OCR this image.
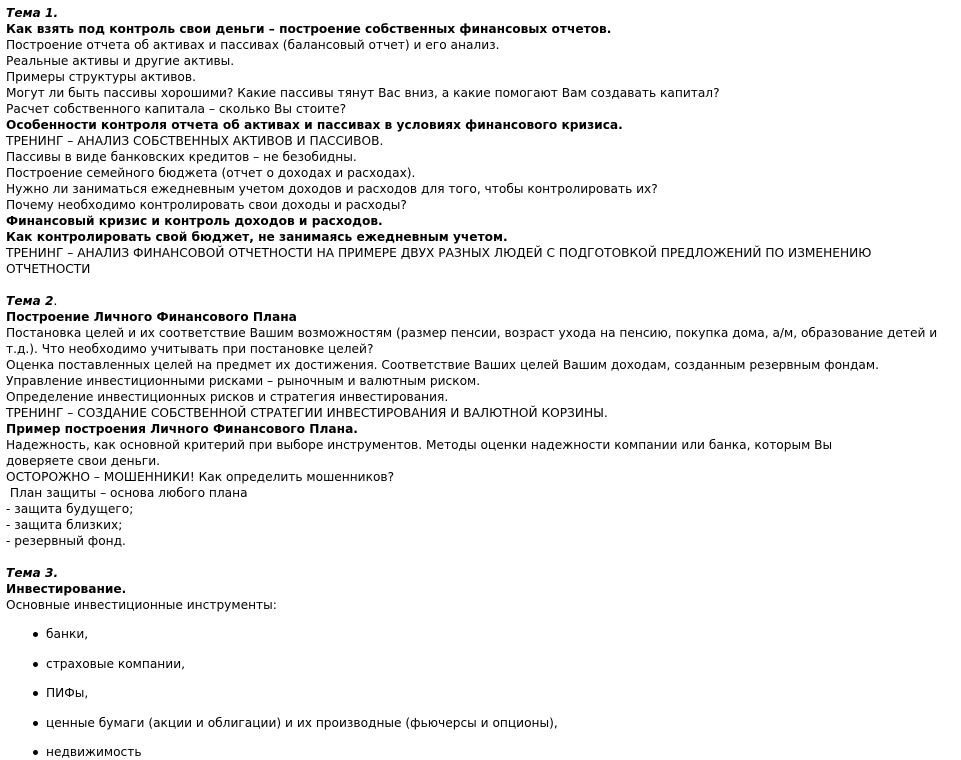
Тема 1.
Как взять под контроль свои деньги – построение собственных финансовых отчетов.
Построение отчета об активах и пассивах (балансовый отчет) и его анализ.
Реальные активы и другие активы.
Примеры структуры активов.
Могут ли быть пассивы хорошими? Какие пассивы тянут Вас вниз, а какие помогают Вам создавать капитал?
Расчет собственного капитала – сколько Вы стоите?
Особенности контроля отчета об активах и пассивах в условиях финансового кризиса.
ТРЕНИНГ – АНАЛИЗ СОБСТВЕННЫХ АКТИВОВ И ПАССИВОВ.
Пассивы в виде банковских кредитов – не безобидны.
Построение семейного бюджета (отчет о доходах и расходах).
Нужно ли заниматься ежедневным учетом доходов и расходов для того, чтобы контролировать их?
Почему необходимо контролировать свои доходы и расходы?
Финансовый кризис и контроль доходов и расходов.
Как контролировать свой бюджет, не занимаясь ежедневным учетом.
ТРЕНИНГ – АНАЛИЗ ФИНАНСОВОЙ ОТЧЕТНОСТИ НА ПРИМЕРЕ ДВУХ РАЗНЫХ ЛЮДЕЙ С ПОДГОТОВКОЙ ПРЕДЛОЖЕНИЙ ПО ИЗМЕНЕНИЮ ОТЧЕТНОСТИ
Тема 2.
Построение Личного Финансового Плана
Постановка целей и их соответствие Вашим возможностям (размер пенсии, возраст ухода на пенсию, покупка дома, а/м, образование детей и т.д.). Что необходимо учитывать при постановке целей?
Оценка поставленных целей на предмет их достижения. Соответствие Ваших целей Вашим доходам, созданным резервным фондам.
Управление инвестиционными рисками – рыночным и валютным риском.
Определение инвестиционных рисков и стратегия инвестирования.
ТРЕНИНГ – СОЗДАНИЕ СОБСТВЕННОЙ СТРАТЕГИИ ИНВЕСТИРОВАНИЯ И ВАЛЮТНОЙ КОРЗИНЫ.
Пример построения Личного Финансового Плана.
Надежность, как основной критерий при выборе инструментов. Методы оценки надежности компании или банка, которым Вы доверяете свои деньги.
ОСТОРОЖНО – МОШЕННИКИ! Как определить мошенников?
План защиты – основа любого плана
- защита будущего;
- защита близких;
- резервный фонд.
Тема 3.
Инвестирование.
Основные инвестиционные инструменты:
банки,
страховые компании,
ПИФы,
ценные бумаги (акции и облигации) и их производные (фьючерсы и опционы),
недвижимость
